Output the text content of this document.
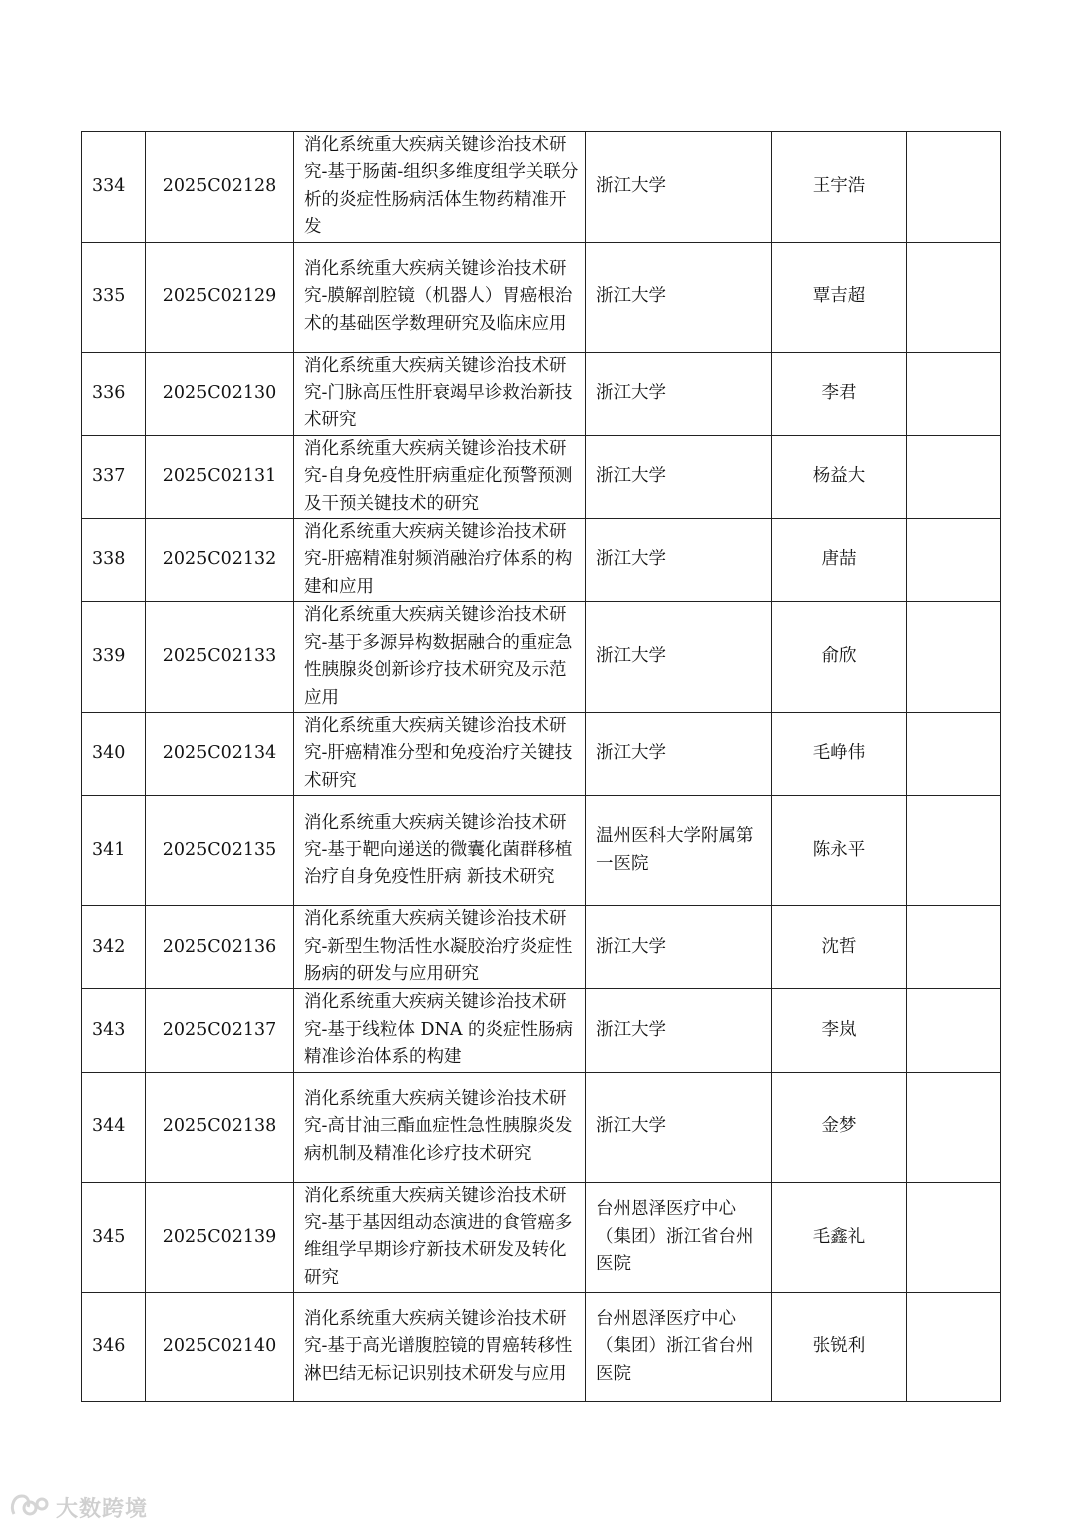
334	2025C02128	消化系统重大疾病关键诊治技术研究-基于肠菌-组织多维度组学关联分析的炎症性肠病活体生物药精准开发	浙江大学	王宇浩	
335	2025C02129	消化系统重大疾病关键诊治技术研究-膜解剖腔镜（机器人）胃癌根治术的基础医学数理研究及临床应用	浙江大学	覃吉超	
336	2025C02130	消化系统重大疾病关键诊治技术研究-门脉高压性肝衰竭早诊救治新技术研究	浙江大学	李君	
337	2025C02131	消化系统重大疾病关键诊治技术研究-自身免疫性肝病重症化预警预测及干预关键技术的研究	浙江大学	杨益大	
338	2025C02132	消化系统重大疾病关键诊治技术研究-肝癌精准射频消融治疗体系的构建和应用	浙江大学	唐喆	
339	2025C02133	消化系统重大疾病关键诊治技术研究-基于多源异构数据融合的重症急性胰腺炎创新诊疗技术研究及示范应用	浙江大学	俞欣	
340	2025C02134	消化系统重大疾病关键诊治技术研究-肝癌精准分型和免疫治疗关键技术研究	浙江大学	毛峥伟	
341	2025C02135	消化系统重大疾病关键诊治技术研究-基于靶向递送的微囊化菌群移植治疗自身免疫性肝病 新技术研究	温州医科大学附属第一医院	陈永平	
342	2025C02136	消化系统重大疾病关键诊治技术研究-新型生物活性水凝胶治疗炎症性肠病的研发与应用研究	浙江大学	沈哲	
343	2025C02137	消化系统重大疾病关键诊治技术研究-基于线粒体 DNA 的炎症性肠病精准诊治体系的构建	浙江大学	李岚	
344	2025C02138	消化系统重大疾病关键诊治技术研究-高甘油三酯血症性急性胰腺炎发病机制及精准化诊疗技术研究	浙江大学	金梦	
345	2025C02139	消化系统重大疾病关键诊治技术研究-基于基因组动态演进的食管癌多维组学早期诊疗新技术研发及转化研究	台州恩泽医疗中心（集团）浙江省台州医院	毛鑫礼	
346	2025C02140	消化系统重大疾病关键诊治技术研究-基于高光谱腹腔镜的胃癌转移性淋巴结无标记识别技术研发与应用	台州恩泽医疗中心（集团）浙江省台州医院	张锐利	
大数跨境
